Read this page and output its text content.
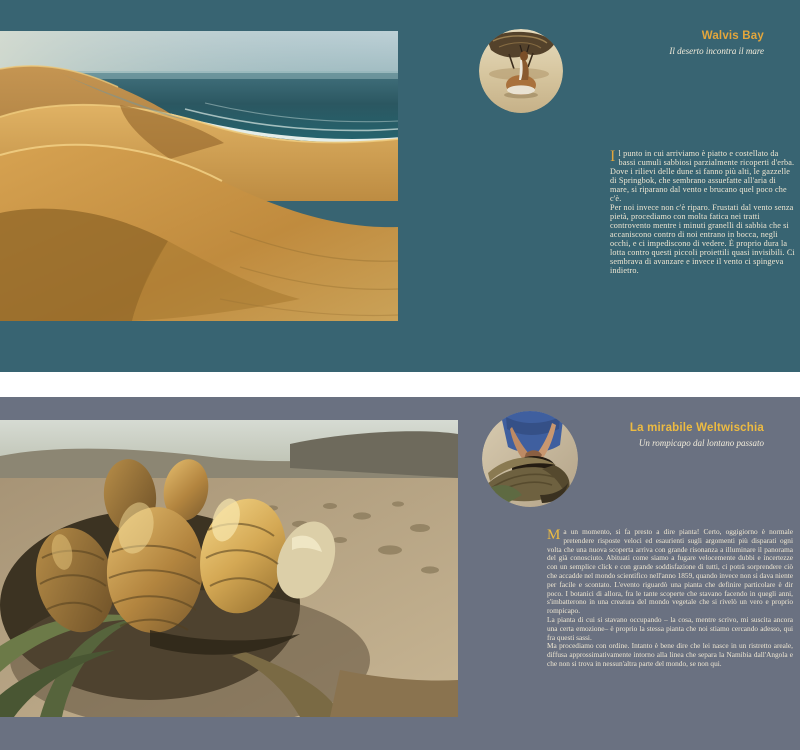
Walvis Bay

Il deserto incontra il mare

Il punto in cui arriviamo è piatto e costellato da bassi cumuli sabbiosi parzialmente ricoperti d'erba. Dove i rilievi delle dune si fanno più alti, le gazzelle di Springbok, che sembrano assuefatte all'aria di mare, si riparano dal vento e brucano quel poco che c'è.

Per noi invece non c'è riparo. Frustati dal vento senza pietà, procediamo con molta fatica nei tratti controvento mentre i minuti granelli di sabbia che si accaniscono contro di noi entrano in bocca, negli occhi, e ci impediscono di vedere. È proprio dura la lotta contro questi piccoli proiettili quasi invisibili. Ci sembrava di avanzare e invece il vento ci spingeva indietro.

La mirabile Weltwischia

Un rompicapo dal lontano passato

Ma un momento, si fa presto a dire pianta! Certo, oggigiorno è normale pretendere risposte veloci ed esaurienti sugli argomenti più disparati ogni volta che una nuova scoperta arriva con grande risonanza a illuminare il panorama del già conosciuto. Abituati come siamo a fugare velocemente dubbi e incertezze con un semplice click e con grande soddisfazione di tutti, ci potrà sorprendere ciò che accadde nel mondo scientifico nell'anno 1859, quando invece non si dava niente per facile e scontato. L'evento riguardò una pianta che definire particolare è dir poco. I botanici di allora, fra le tante scoperte che stavano facendo in quegli anni, s'imbatterono in una creatura del mondo vegetale che si rivelò un vero e proprio rompicapo.

La pianta di cui si stavano occupando – la cosa, mentre scrivo, mi suscita ancora una certa emozione– è proprio la stessa pianta che noi stiamo cercando adesso, qui fra questi sassi.

Ma procediamo con ordine. Intanto è bene dire che lei nasce in un ristretto areale, diffusa approssimativamente intorno alla linea che separa la Namibia dall'Angola e che non si trova in nessun'altra parte del mondo, se non qui.
